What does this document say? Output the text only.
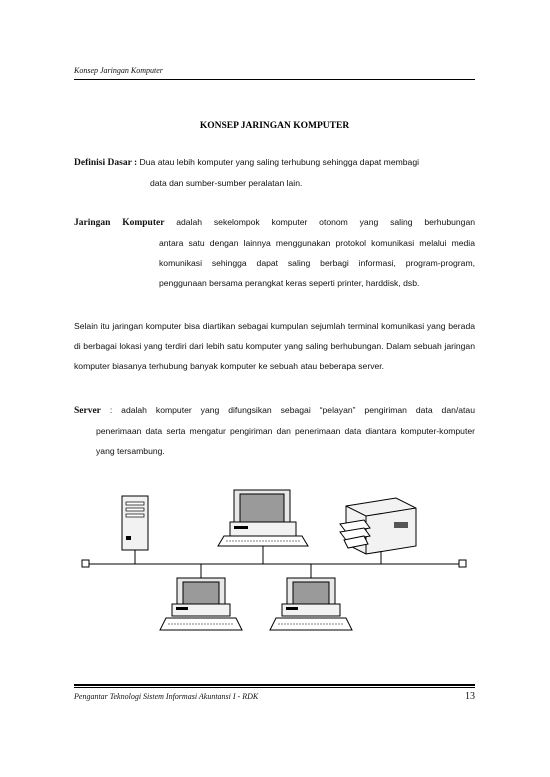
Konsep Jaringan Komputer
KONSEP JARINGAN KOMPUTER
Definisi Dasar : Dua atau lebih komputer yang saling terhubung sehingga dapat membagi
data dan sumber-sumber peralatan lain.
Jaringan Komputer adalah sekelompok komputer otonom yang saling berhubungan
antara satu dengan lainnya menggunakan protokol komunikasi melalui media komunikasi sehingga dapat saling berbagi informasi, program-program, penggunaan bersama perangkat keras seperti printer, harddisk, dsb.
Selain itu jaringan komputer bisa diartikan sebagai kumpulan sejumlah terminal komunikasi yang berada di berbagai lokasi yang terdiri dari lebih satu komputer yang saling berhubungan. Dalam sebuah jaringan komputer biasanya terhubung banyak komputer ke sebuah atau beberapa server.
Server : adalah komputer yang difungsikan sebagai “pelayan” pengiriman data dan/atau
penerimaan data serta mengatur pengiriman dan penerimaan data diantara komputer-komputer yang tersambung.
Pengantar Teknologi Sistem Informasi Akuntansi I - RDK	13
